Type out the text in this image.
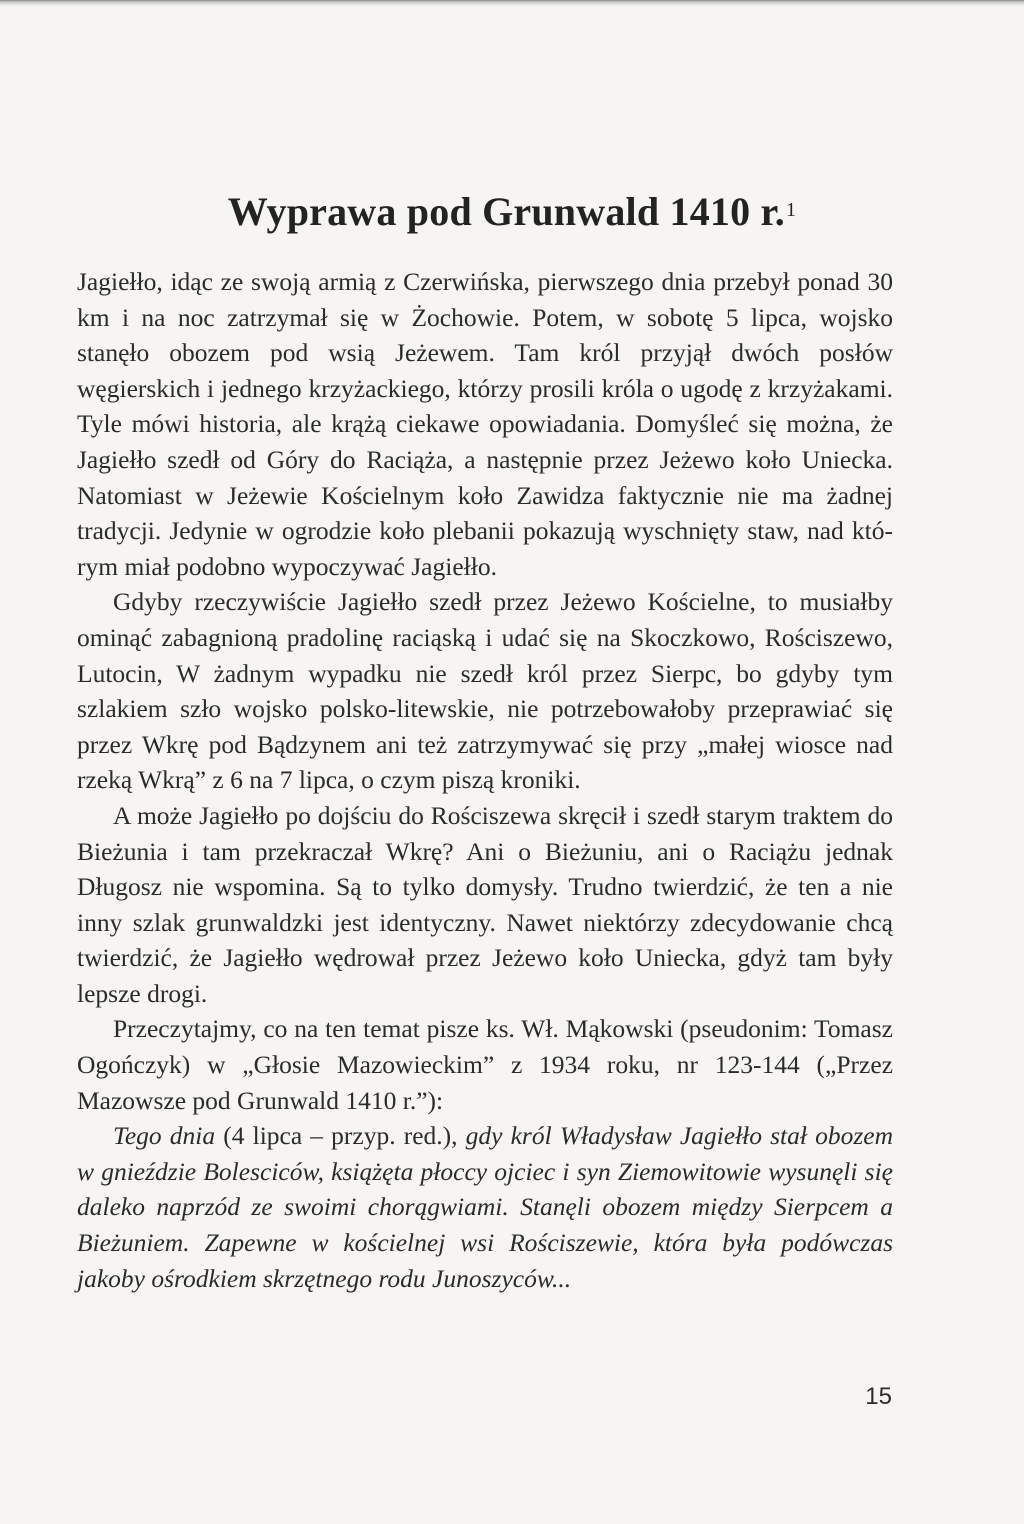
Wyprawa pod Grunwald 1410 r.$^1$

Jagiełło, idąc ze swoją armią z Czerwińska, pierwszego dnia przebył ponad 30 km i na noc zatrzymał się w Żochowie. Potem, w sobotę 5 lipca, wojsko stanęło obozem pod wsią Jeżewem. Tam król przyjął dwóch posłów węgierskich i jednego krzyżackiego, którzy prosili króla o ugodę z krzyżakami. Tyle mówi historia, ale krążą ciekawe opowiadania. Domyśleć się można, że Jagiełło szedł od Góry do Raciąża, a następnie przez Jeżewo koło Uniecka. Natomiast w Jeżewie Kościelnym koło Zawidza faktycznie nie ma żadnej tradycji. Jedynie w ogrodzie koło plebanii pokazują wyschnięty staw, nad którym miał podobno wypoczywać Jagiełło.

Gdyby rzeczywiście Jagiełło szedł przez Jeżewo Kościelne, to musiałby ominąć zabagnioną pradolinę raciąską i udać się na Skoczkowo, Rościszewo, Lutocin, W żadnym wypadku nie szedł król przez Sierpc, bo gdyby tym szlakiem szło wojsko polsko-litewskie, nie potrzebowałoby przeprawiać się przez Wkrę pod Bądzynem ani też zatrzymywać się przy „małej wiosce nad rzeką Wkrą” z 6 na 7 lipca, o czym piszą kroniki.

A może Jagiełło po dojściu do Rościszewa skręcił i szedł starym traktem do Bieżunia i tam przekraczał Wkrę? Ani o Bieżuniu, ani o Raciążu jednak Długosz nie wspomina. Są to tylko domysły. Trudno twierdzić, że ten a nie inny szlak grunwaldzki jest identyczny. Nawet niektórzy zdecydowanie chcą twierdzić, że Jagiełło wędrował przez Jeżewo koło Uniecka, gdyż tam były lepsze drogi.

Przeczytajmy, co na ten temat pisze ks. Wł. Mąkowski (pseudonim: Tomasz Ogończyk) w „Głosie Mazowieckim” z 1934 roku, nr 123-144 („Przez Mazowsze pod Grunwald 1410 r.”):

Tego dnia (4 lipca – przyp. red.), gdy król Władysław Jagiełło stał obozem w gnieździe Bolesciców, książęta płoccy ojciec i syn Ziemowitowie wysunęli się daleko naprzód ze swoimi chorągwiami. Stanęli obozem między Sierpcem a Bieżuniem. Zapewne w kościelnej wsi Rościszewie, która była podówczas jakoby ośrodkiem skrzętnego rodu Junoszyców...

15
